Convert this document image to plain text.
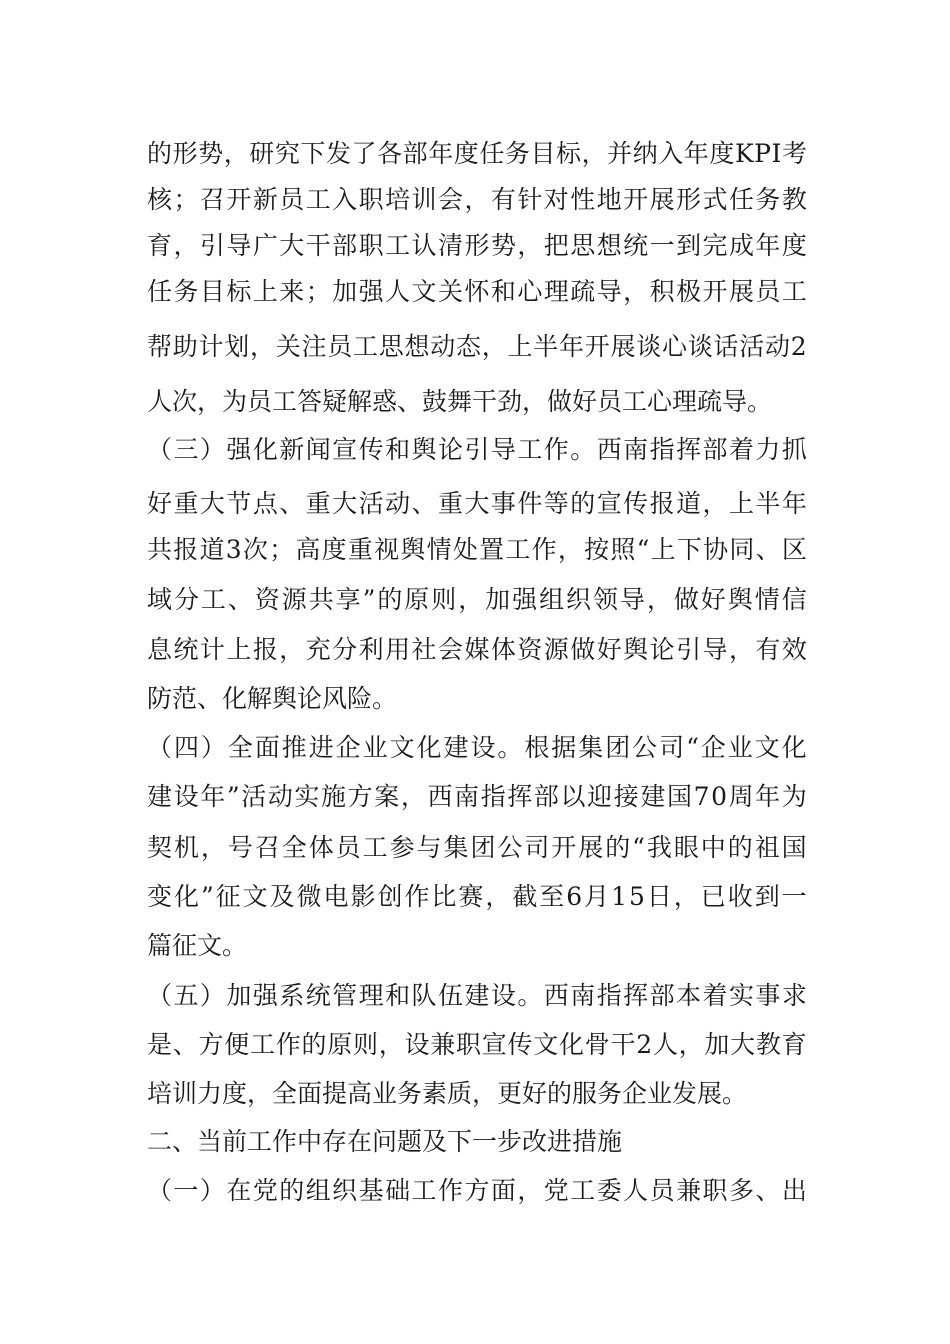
的 形 势 ， 研 究 下 发 了 各 部 年 度 任 务 目 标 ， 并 纳 入 年 度 K P I 考
核 ； 召 开 新 员 工 入 职 培 训 会 ， 有 针 对 性 地 开 展 形 式 任 务 教
育 ， 引 导 广 大 干 部 职 工 认 清 形 势 ， 把 思 想 统 一 到 完 成 年 度
任 务 目 标 上 来 ； 加 强 人 文 关 怀 和 心 理 疏 导 ， 积 极 开 展 员 工
帮 助 计 划 ， 关 注 员 工 思 想 动 态 ， 上 半 年 开 展 谈 心 谈 话 活 动 2
人次，为员工答疑解惑、鼓舞干劲，做好员工心理疏导。
（ 三 ） 强 化 新 闻 宣 传 和 舆 论 引 导 工 作 。 西 南 指 挥 部 着 力 抓
好 重 大 节 点 、 重 大 活 动 、 重 大 事 件 等 的 宣 传 报 道 ， 上 半 年
共 报 道 3 次 ； 高 度 重 视 舆 情 处 置 工 作 ， 按 照 “ 上 下 协 同 、 区
域 分 工 、 资 源 共 享 ” 的 原 则 ， 加 强 组 织 领 导 ， 做 好 舆 情 信
息 统 计 上 报 ， 充 分 利 用 社 会 媒 体 资 源 做 好 舆 论 引 导 ， 有 效
防范、化解舆论风险。
（ 四 ） 全 面 推 进 企 业 文 化 建 设 。 根 据 集 团 公 司 “ 企 业 文 化
建 设 年 ” 活 动 实 施 方 案 ， 西 南 指 挥 部 以 迎 接 建 国 7 0 周 年 为
契 机 ， 号 召 全 体 员 工 参 与 集 团 公 司 开 展 的 “ 我 眼 中 的 祖 国
变 化 ” 征 文 及 微 电 影 创 作 比 赛 ， 截 至 6 月 1 5 日 ， 已 收 到 一
篇征文。
（ 五 ） 加 强 系 统 管 理 和 队 伍 建 设 。 西 南 指 挥 部 本 着 实 事 求
是 、 方 便 工 作 的 原 则 ， 设 兼 职 宣 传 文 化 骨 干 2 人 ， 加 大 教 育
培训力度，全面提高业务素质，更好的服务企业发展。
二、当前工作中存在问题及下一步改进措施
（ 一 ） 在 党 的 组 织 基 础 工 作 方 面 ， 党 工 委 人 员 兼 职 多 、 出
